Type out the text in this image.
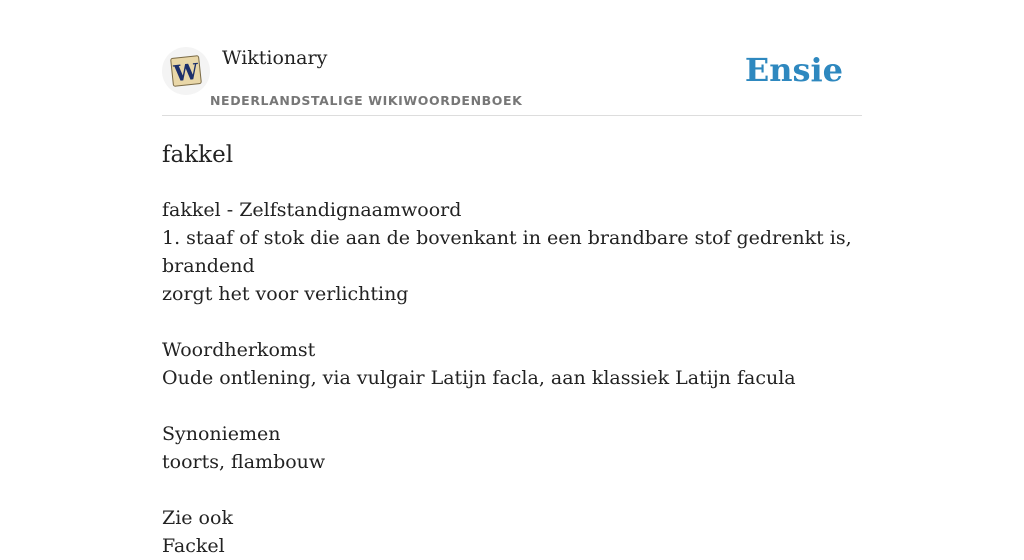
W
Wiktionary
NEDERLANDSTALIGE WIKIWOORDENBOEK
Ensie
fakkel

fakkel - Zelfstandignaamwoord

1. staaf of stok die aan de bovenkant in een brandbare stof gedrenkt is, brandend

zorgt het voor verlichting

Woordherkomst

Oude ontlening, via vulgair Latijn facla, aan klassiek Latijn facula

Synoniemen

toorts, flambouw

Zie ook

Fackel
